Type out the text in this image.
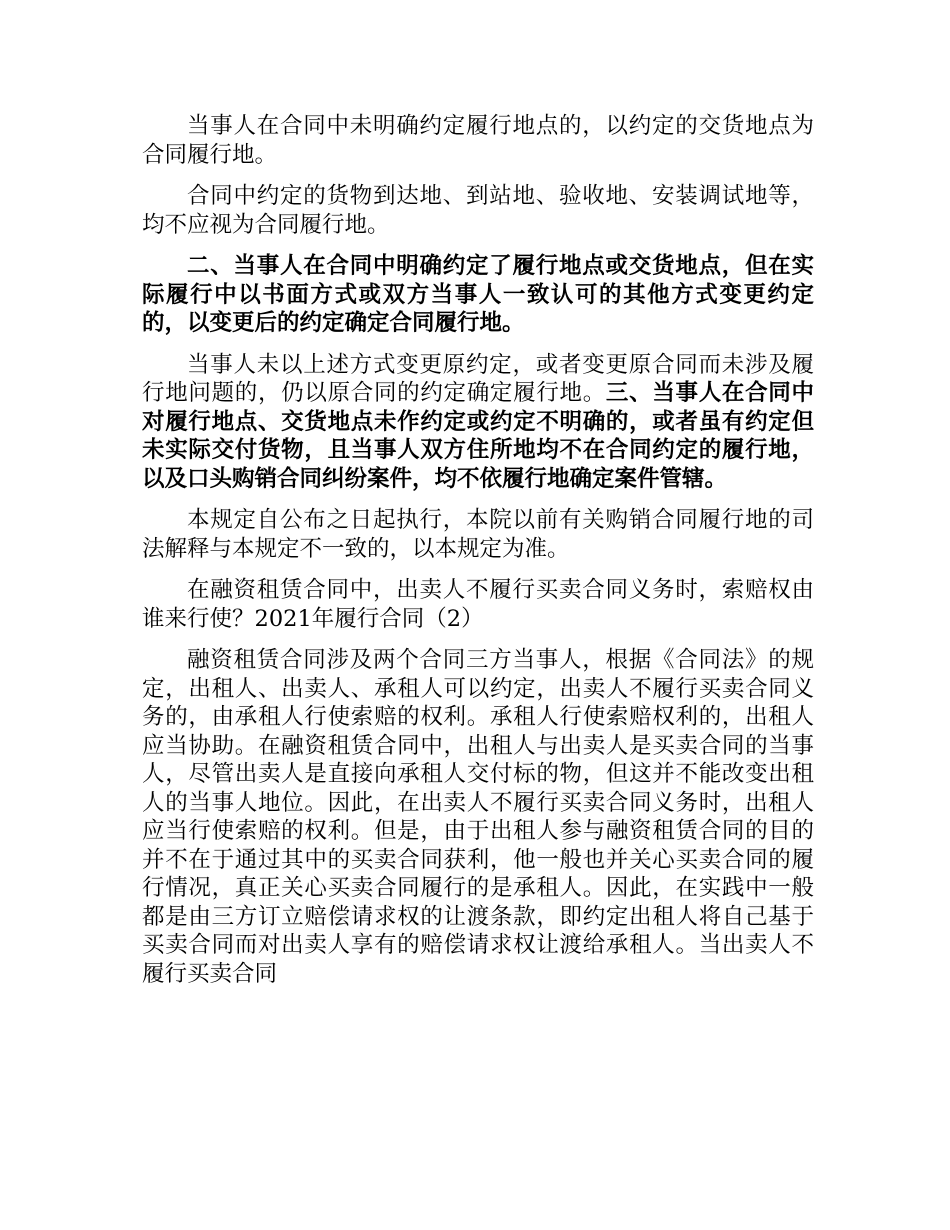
当事人在合同中未明确约定履行地点的，以约定的交货地点为合同履行地。

合同中约定的货物到达地、到站地、验收地、安装调试地等，均不应视为合同履行地。

二、当事人在合同中明确约定了履行地点或交货地点，但在实际履行中以书面方式或双方当事人一致认可的其他方式变更约定的，以变更后的约定确定合同履行地。

当事人未以上述方式变更原约定，或者变更原合同而未涉及履行地问题的，仍以原合同的约定确定履行地。三、当事人在合同中对履行地点、交货地点未作约定或约定不明确的，或者虽有约定但未实际交付货物，且当事人双方住所地均不在合同约定的履行地，以及口头购销合同纠纷案件，均不依履行地确定案件管辖。

本规定自公布之日起执行，本院以前有关购销合同履行地的司法解释与本规定不一致的，以本规定为准。

在融资租赁合同中，出卖人不履行买卖合同义务时，索赔权由谁来行使？2021年履行合同（2）

融资租赁合同涉及两个合同三方当事人，根据《合同法》的规定，出租人、出卖人、承租人可以约定，出卖人不履行买卖合同义务的，由承租人行使索赔的权利。承租人行使索赔权利的，出租人应当协助。在融资租赁合同中，出租人与出卖人是买卖合同的当事人，尽管出卖人是直接向承租人交付标的物，但这并不能改变出租人的当事人地位。因此，在出卖人不履行买卖合同义务时，出租人应当行使索赔的权利。但是，由于出租人参与融资租赁合同的目的并不在于通过其中的买卖合同获利，他一般也并关心买卖合同的履行情况，真正关心买卖合同履行的是承租人。因此，在实践中一般都是由三方订立赔偿请求权的让渡条款，即约定出租人将自己基于买卖合同而对出卖人享有的赔偿请求权让渡给承租人。当出卖人不履行买卖合同
